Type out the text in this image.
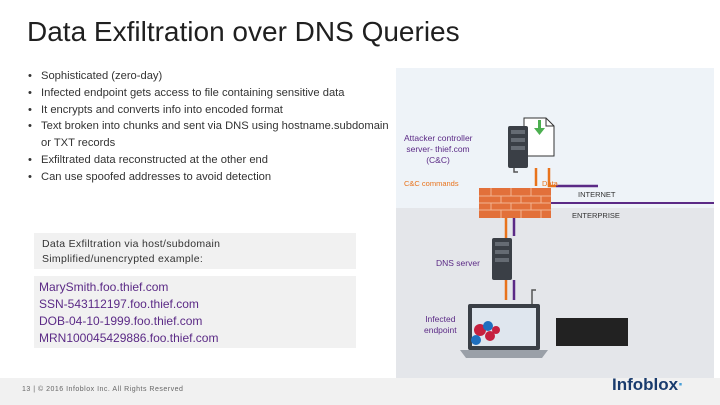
Data Exfiltration over DNS Queries
• Sophisticated (zero-day)
• Infected endpoint gets access to file containing sensitive data
• It encrypts and converts info into encoded format
• Text broken into chunks and sent via DNS using hostname.subdomain or TXT records
• Exfiltrated data reconstructed at the other end
• Can use spoofed addresses to avoid detection
Data Exfiltration via host/subdomain
Simplified/unencrypted example:
MarySmith.foo.thief.com
SSN-543112197.foo.thief.com
DOB-04-10-1999.foo.thief.com
MRN100045429886.foo.thief.com
Attacker controller
server- thief.com
(C&C)
C&C commands	Data
INTERNET
ENTERPRISE
DNS server
Infected
endpoint
13 | © 2016 Infoblox Inc. All Rights Reserved	Infoblox·
